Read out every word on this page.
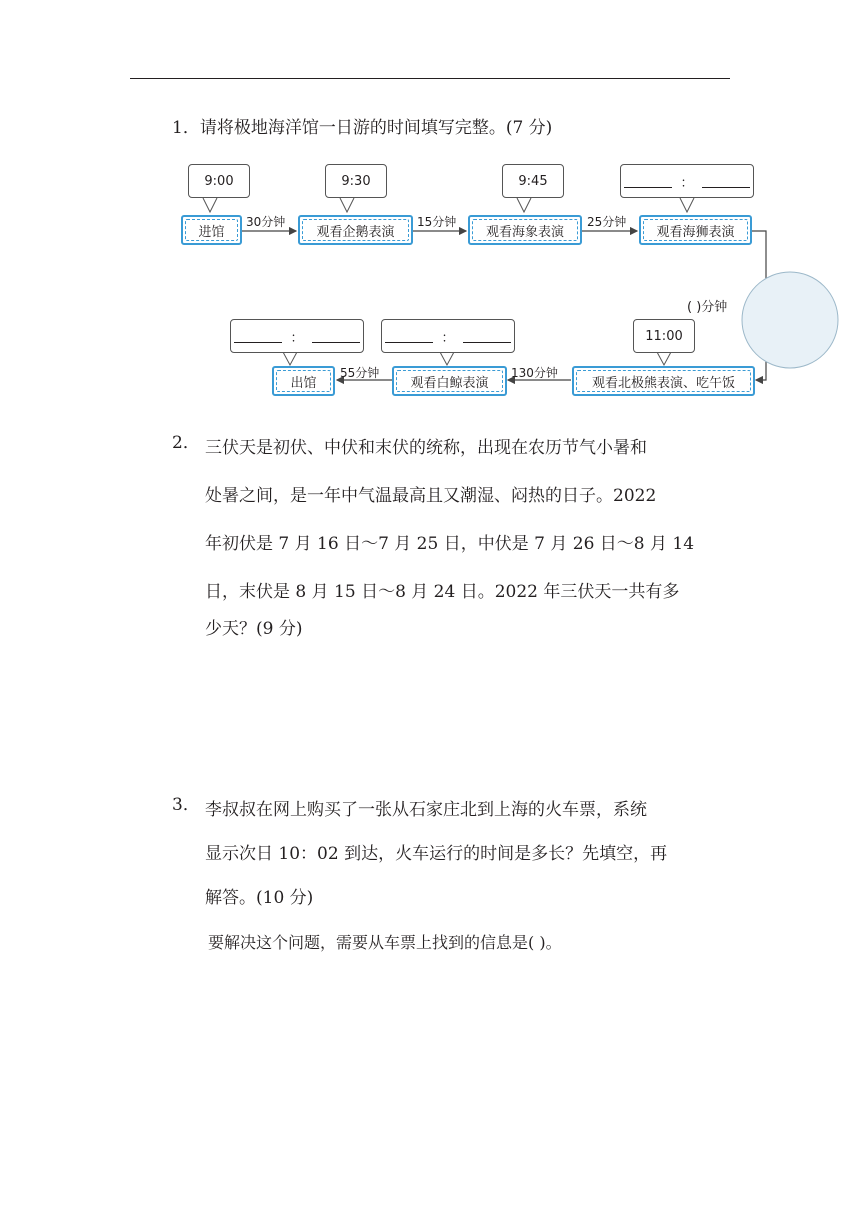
1．请将极地海洋馆一日游的时间填写完整。(7 分)
9:00	9:30	9:45	：
进馆	观看企鹅表演	观看海象表演	观看海狮表演
30分钟	15分钟	25分钟
( )分钟
：	：	11:00
出馆	观看白鲸表演	观看北极熊表演、吃午饭
55分钟	130分钟
2． 三伏天是初伏、中伏和末伏的统称，出现在农历节气小暑和
处暑之间，是一年中气温最高且又潮湿、闷热的日子。2022
年初伏是 7 月 16 日～7 月 25 日，中伏是 7 月 26 日～8 月 14
日，末伏是 8 月 15 日～8 月 24 日。2022 年三伏天一共有多
少天？(9 分)
3． 李叔叔在网上购买了一张从石家庄北到上海的火车票，系统
显示次日 10：02 到达，火车运行的时间是多长？先填空，再
解答。(10 分)
要解决这个问题，需要从车票上找到的信息是( )。
